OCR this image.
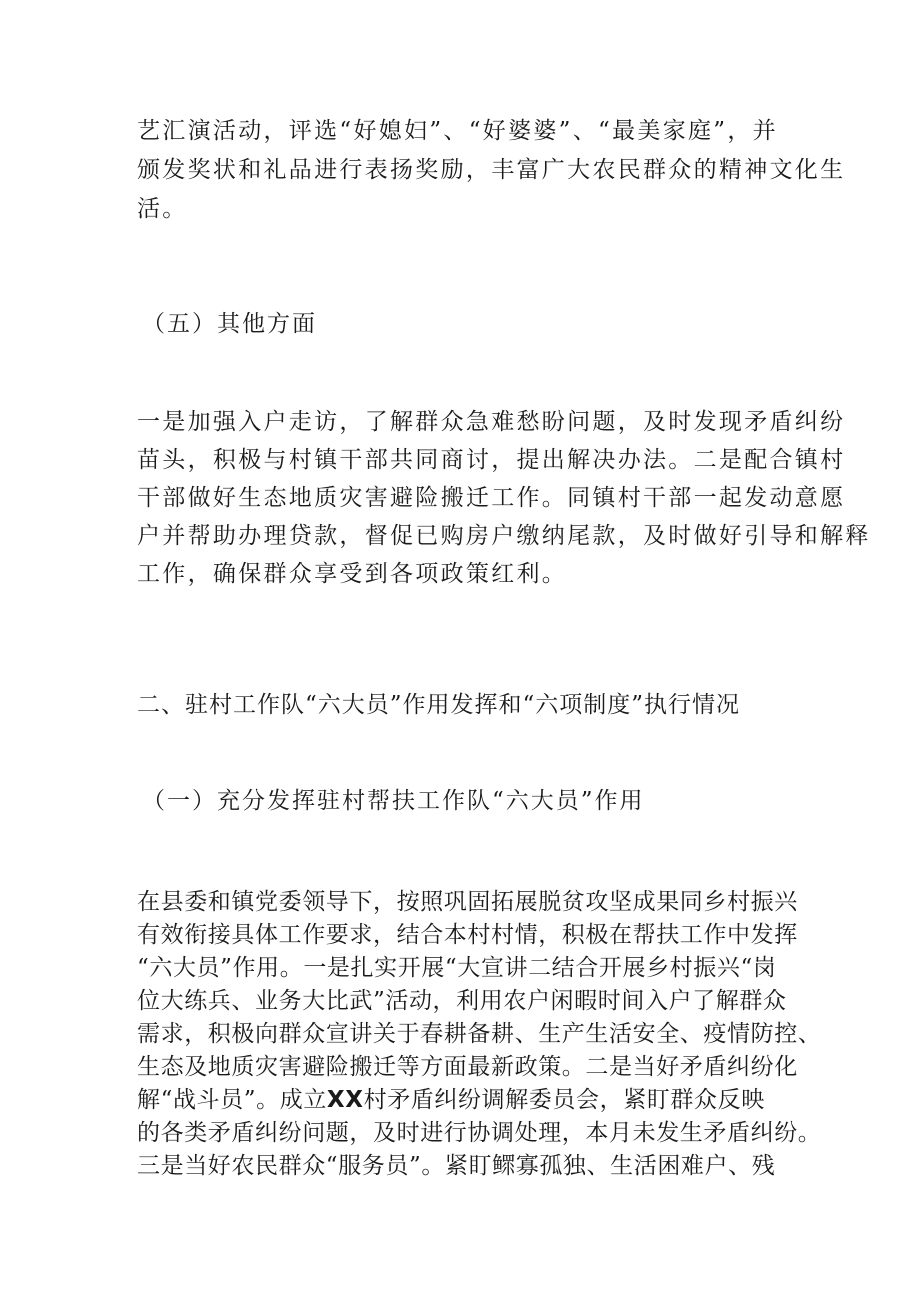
艺汇演活动，评选“好媳妇”、“好婆婆”、“最美家庭”，并
颁发奖状和礼品进行表扬奖励，丰富广大农民群众的精神文化生
活。
（五）其他方面
一是加强入户走访，了解群众急难愁盼问题，及时发现矛盾纠纷
苗头，积极与村镇干部共同商讨，提出解决办法。二是配合镇村
干部做好生态地质灾害避险搬迁工作。同镇村干部一起发动意愿
户并帮助办理贷款，督促已购房户缴纳尾款，及时做好引导和解释
工作，确保群众享受到各项政策红利。
二、驻村工作队“六大员”作用发挥和“六项制度”执行情况
（一）充分发挥驻村帮扶工作队“六大员”作用
在县委和镇党委领导下，按照巩固拓展脱贫攻坚成果同乡村振兴
有效衔接具体工作要求，结合本村村情，积极在帮扶工作中发挥
“六大员”作用。一是扎实开展“大宣讲二结合开展乡村振兴“岗
位大练兵、业务大比武”活动，利用农户闲暇时间入户了解群众
需求，积极向群众宣讲关于春耕备耕、生产生活安全、疫情防控、
生态及地质灾害避险搬迁等方面最新政策。二是当好矛盾纠纷化
解“战斗员”。成立XX村矛盾纠纷调解委员会，紧盯群众反映
的各类矛盾纠纷问题，及时进行协调处理，本月未发生矛盾纠纷。
三是当好农民群众“服务员”。紧盯鳏寡孤独、生活困难户、残
